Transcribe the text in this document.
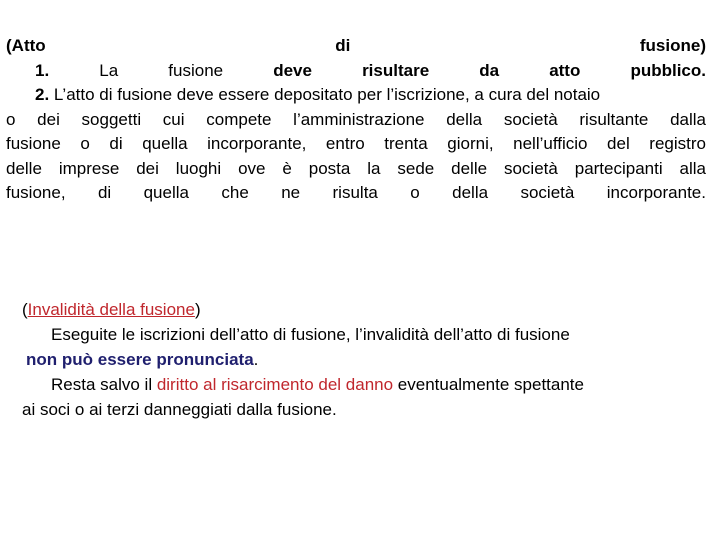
(Atto	di	fusione)
1.	La	fusione	deve	risultare	da	atto	pubblico.
2. L’atto di fusione deve essere depositato per l’iscrizione, a cura del notaio
o dei soggetti cui compete l’amministrazione della società risultante dalla
fusione o di quella incorporante, entro trenta giorni, nell’ufficio del registro
delle imprese dei luoghi ove è posta la sede delle società partecipanti alla
fusione, di quella che ne risulta o della società incorporante.
(Invalidità della fusione)
Eseguite le iscrizioni dell’atto di fusione, l’invalidità dell’atto di fusione
non può essere pronunciata.
Resta salvo il diritto al risarcimento del danno eventualmente spettante
ai soci o ai terzi danneggiati dalla fusione.
